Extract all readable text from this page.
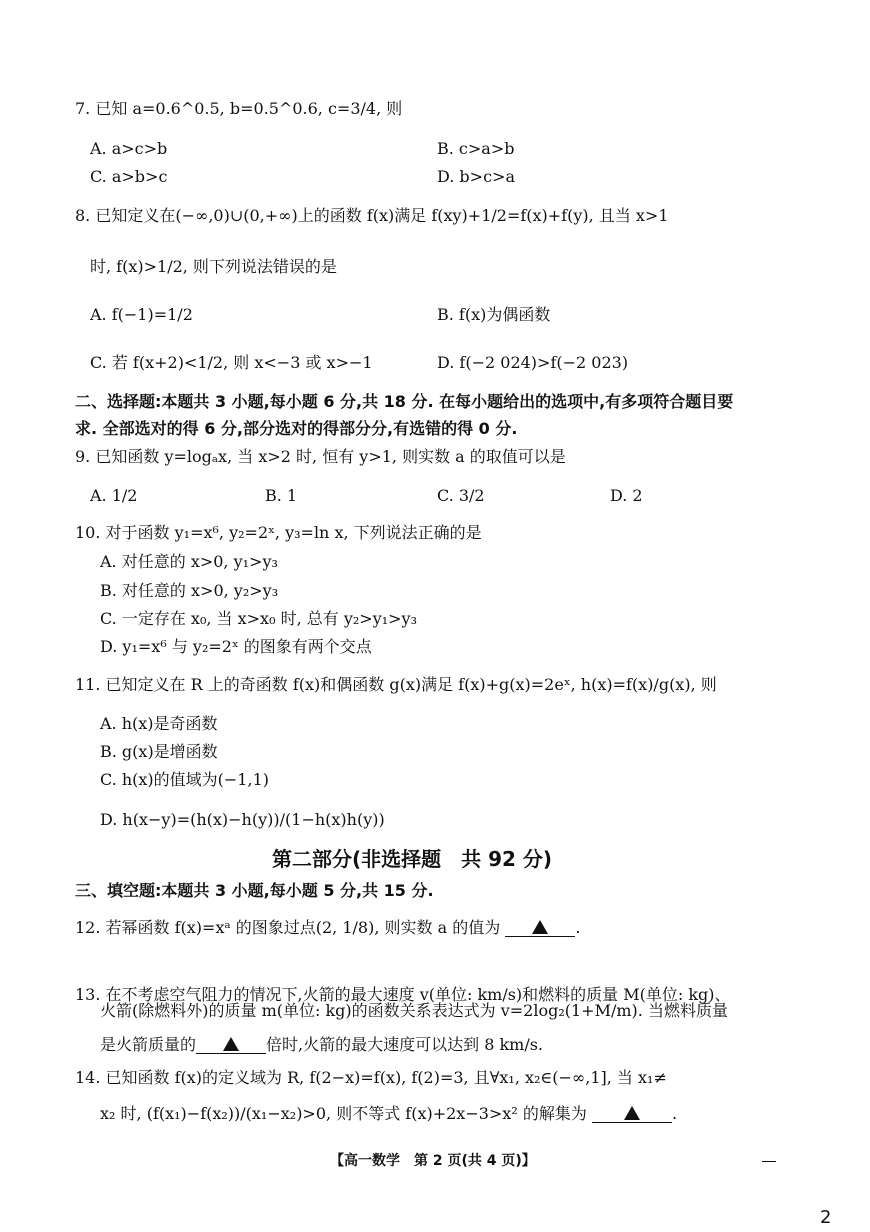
7. 已知 a=0.6^0.5, b=0.5^0.6, c=3/4, 则
A. a>c>b	B. c>a>b
C. a>b>c	D. b>c>a
8. 已知定义在(−∞,0)∪(0,+∞)上的函数 f(x)满足 f(xy)+1/2=f(x)+f(y), 且当 x>1
时, f(x)>1/2, 则下列说法错误的是
A. f(−1)=1/2	B. f(x)为偶函数
C. 若 f(x+2)<1/2, 则 x<−3 或 x>−1	D. f(−2 024)>f(−2 023)
二、选择题:本题共 3 小题,每小题 6 分,共 18 分. 在每小题给出的选项中,有多项符合题目要
求. 全部选对的得 6 分,部分选对的得部分分,有选错的得 0 分.
9. 已知函数 y=logₐx, 当 x>2 时, 恒有 y>1, 则实数 a 的取值可以是
A. 1/2	B. 1	C. 3/2	D. 2
10. 对于函数 y₁=x⁶, y₂=2ˣ, y₃=ln x, 下列说法正确的是
A. 对任意的 x>0, y₁>y₃
B. 对任意的 x>0, y₂>y₃
C. 一定存在 x₀, 当 x>x₀ 时, 总有 y₂>y₁>y₃
D. y₁=x⁶ 与 y₂=2ˣ 的图象有两个交点
11. 已知定义在 R 上的奇函数 f(x)和偶函数 g(x)满足 f(x)+g(x)=2eˣ, h(x)=f(x)/g(x), 则
A. h(x)是奇函数
B. g(x)是增函数
C. h(x)的值域为(−1,1)
D. h(x−y)=(h(x)−h(y))/(1−h(x)h(y))
第二部分(非选择题　共 92 分)
三、填空题:本题共 3 小题,每小题 5 分,共 15 分.
12. 若幂函数 f(x)=xᵃ 的图象过点(2, 1/8), 则实数 a 的值为	.
13. 在不考虑空气阻力的情况下,火箭的最大速度 v(单位: km/s)和燃料的质量 M(单位: kg)、
火箭(除燃料外)的质量 m(单位: kg)的函数关系表达式为 v=2log₂(1+M/m). 当燃料质量
是火箭质量的	倍时,火箭的最大速度可以达到 8 km/s.
14. 已知函数 f(x)的定义域为 R, f(2−x)=f(x), f(2)=3, 且∀x₁, x₂∈(−∞,1], 当 x₁≠
x₂ 时, (f(x₁)−f(x₂))/(x₁−x₂)>0, 则不等式 f(x)+2x−3>x² 的解集为	.
【高一数学　第 2 页(共 4 页)】
2
